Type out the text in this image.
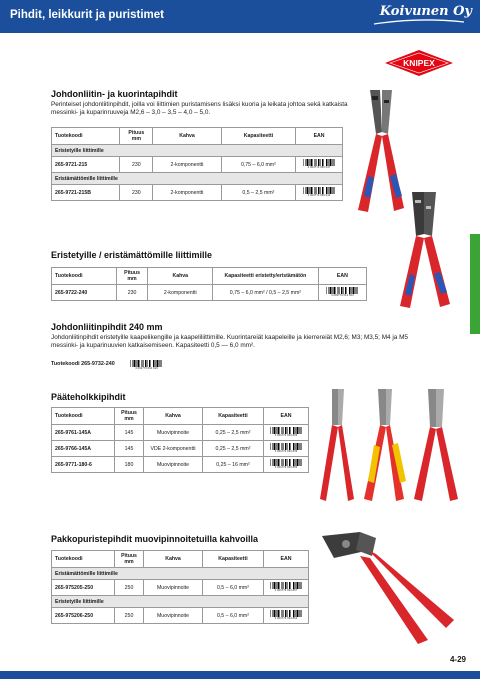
Pihdit, leikkurit ja puristimet	Koivunen Oy
KNIPEX
Johdonliitin- ja kuorintapihdit

Perinteiset johdonliitinpihdit, joilla voi liittimien puristamisens lisäksi kuoria ja leikata johtoa sekä katkaista messinki- ja kuparinruuveja M2,6 – 3,0 – 3,5 – 4,0 – 5,0.

Tuotekoodi	Pituus mm	Kahva	Kapasiteetti	EAN
Eristetyille liittimille				
265-9721-215	230	2-komponentti	0,75 – 6,0 mm²	4 003773 056 637

Eristämättömille liittimille				
265-9721-215B	230	2-komponentti	0,5 – 2,5 mm²	4 003773 056 644
Eristetyille / eristämättömille liittimille
Tuotekoodi	Pituus mm	Kahva	Kapasiteetti eristetty/eristämätön	EAN
265-9722-240	230	2-komponentti	0,75 – 6,0 mm² / 0,5 – 2,5 mm²	4 003773 013 524
Johdonliitinpihdit 240 mm

Johdonliitinpihdit eristetyille kaapelikengille ja kaapeliliittimille. Kuorintareiät kaapeleille ja kierrereiät M2,6; M3; M3,5; M4 ja M5 messinki- ja kuparinuuvien katkaisemiseen. Kapasiteetti 0,5 — 6,0 mm².

Tuotekoodi 265-9732-240
4 003773 061 919
Pääteholkkipihdit
Tuotekoodi	Pituus mm	Kahva	Kapasiteetti	EAN
265-9761-145A	145	Muovipinnoite	0,25 – 2,5 mm²	4 003773 033 836

265-9766-145A	145	VDE 2-komponentti	0,25 – 2,5 mm²	4 003773 033 843

265-9771-180-6	180	Muovipinnoite	0,25 – 16 mm²	4 003773 033 850
Pakkopuristepihdit muovipinnoitetuilla kahvoilla
Tuotekoodi	Pituus mm	Kahva	Kapasiteetti	EAN
Eristämättömille liittimille				
265-975205-250	250	Muovipinnoite	0,5 – 6,0 mm²	4 003773 034 857

Eristetyille liittimille				
265-975206-250	250	Muovipinnoite	0,5 – 6,0 mm²	4 003773 034 864
4-29
